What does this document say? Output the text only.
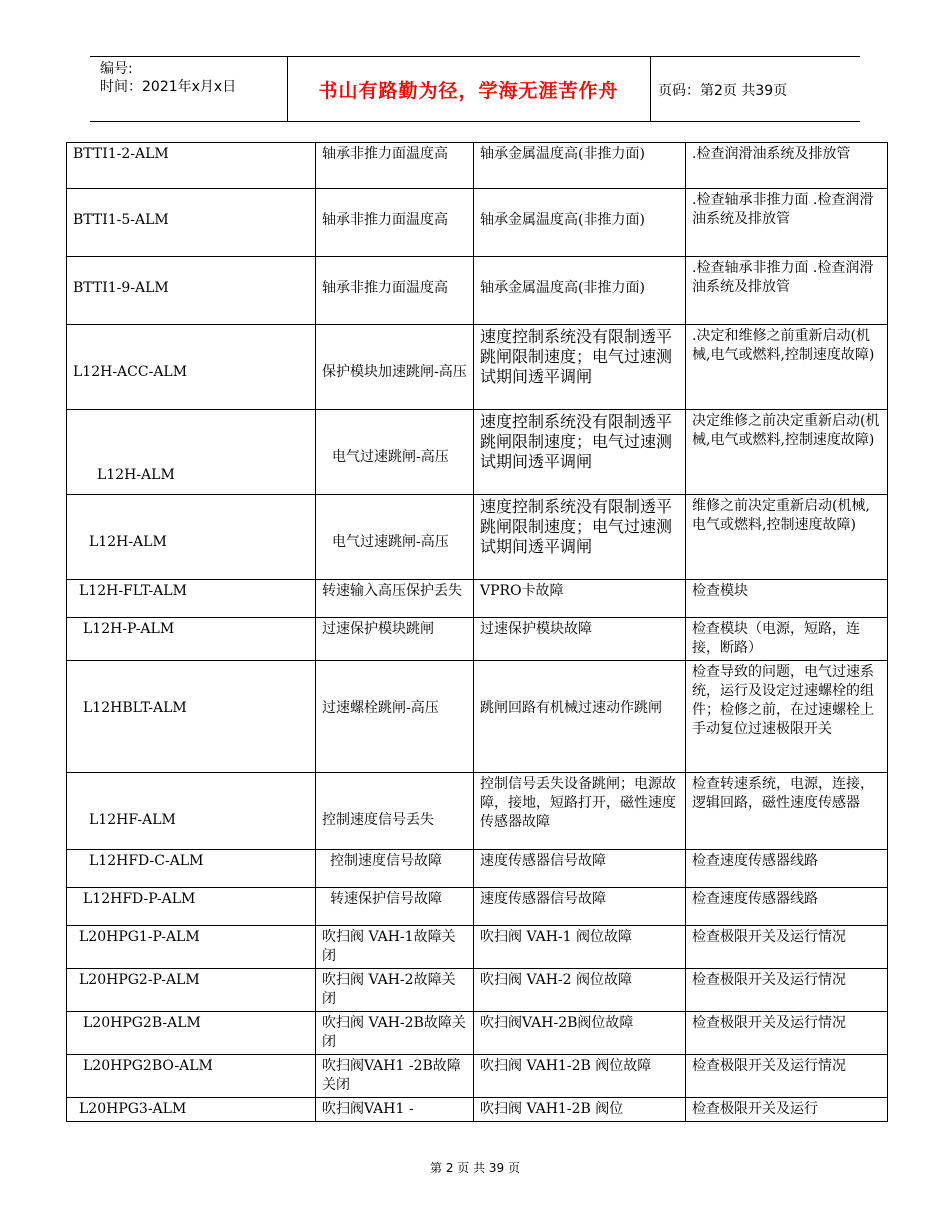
编号:
时间：2021年x月x日	书山有路勤为径，学海无涯苦作舟	页码：第2页 共39页
BTTI1-2-ALM	轴承非推力面温度高	轴承金属温度高(非推力面)	.检查润滑油系统及排放管
BTTI1-5-ALM	轴承非推力面温度高	轴承金属温度高(非推力面)	.检查轴承非推力面 .检查润滑油系统及排放管
BTTI1-9-ALM	轴承非推力面温度高	轴承金属温度高(非推力面)	.检查轴承非推力面 .检查润滑油系统及排放管
L12H-ACC-ALM	保护模块加速跳闸-高压	速度控制系统没有限制透平跳闸限制速度；电气过速测试期间透平调闸	.决定和维修之前重新启动(机械,电气或燃料,控制速度故障)
L12H-ALM	电气过速跳闸-高压	速度控制系统没有限制透平跳闸限制速度；电气过速测试期间透平调闸	决定维修之前决定重新启动(机械,电气或燃料,控制速度故障)
L12H-ALM	电气过速跳闸-高压	速度控制系统没有限制透平跳闸限制速度；电气过速测试期间透平调闸	维修之前决定重新启动(机械,电气或燃料,控制速度故障)
L12H-FLT-ALM	转速输入高压保护丢失	VPRO卡故障	检查模块
L12H-P-ALM	过速保护模块跳闸	过速保护模块故障	检查模块（电源，短路，连接，断路）
L12HBLT-ALM	过速螺栓跳闸-高压	跳闸回路有机械过速动作跳闸	检查导致的问题，电气过速系统，运行及设定过速螺栓的组件；检修之前，在过速螺栓上手动复位过速极限开关
L12HF-ALM	控制速度信号丢失	控制信号丢失设备跳闸；电源故障，接地，短路打开，磁性速度传感器故障	检查转速系统，电源，连接，逻辑回路，磁性速度传感器
L12HFD-C-ALM	控制速度信号故障	速度传感器信号故障	检查速度传感器线路
L12HFD-P-ALM	转速保护信号故障	速度传感器信号故障	检查速度传感器线路
L20HPG1-P-ALM	吹扫阀 VAH-1故障关闭	吹扫阀 VAH-1 阀位故障	检查极限开关及运行情况
L20HPG2-P-ALM	吹扫阀 VAH-2故障关闭	吹扫阀 VAH-2 阀位故障	检查极限开关及运行情况
L20HPG2B-ALM	吹扫阀 VAH-2B故障关闭	吹扫阀VAH-2B阀位故障	检查极限开关及运行情况
L20HPG2BO-ALM	吹扫阀VAH1 -2B故障关闭	吹扫阀 VAH1-2B 阀位故障	检查极限开关及运行情况
L20HPG3-ALM	吹扫阀VAH1 -	吹扫阀 VAH1-2B 阀位	检查极限开关及运行
第 2 页 共 39 页
